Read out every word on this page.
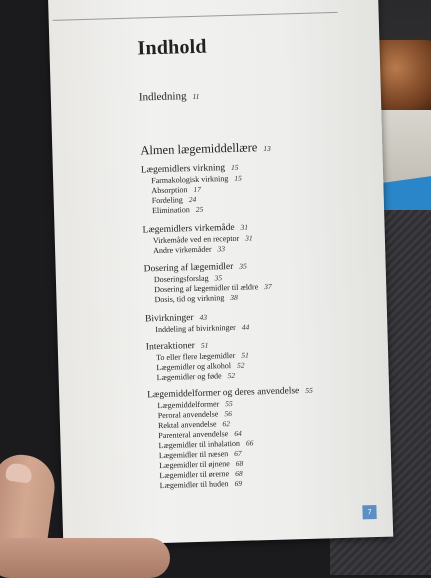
Indhold
Indledning 11
Almen lægemiddellære 13
Lægemidlers virkning 15
Farmakologisk virkning 15
Absorption 17
Fordeling 24
Elimination 25
Lægemidlers virkemåde 31
Virkemåde ved en receptor 31
Andre virkemåder 33
Dosering af lægemidler 35
Doseringsforslag 35
Dosering af lægemidler til ældre 37
Dosis, tid og virkning 38
Bivirkninger 43
Inddeling af bivirkninger 44
Interaktioner 51
To eller flere lægemidler 51
Lægemidler og alkohol 52
Lægemidler og føde 52
Lægemiddelformer og deres anvendelse 55
Lægemiddelformer 55
Peroral anvendelse 56
Rektal anvendelse 62
Parenteral anvendelse 64
Lægemidler til inhalation 66
Lægemidler til næsen 67
Lægemidler til øjnene 68
Lægemidler til ørerne 68
Lægemidler til huden 69
7
